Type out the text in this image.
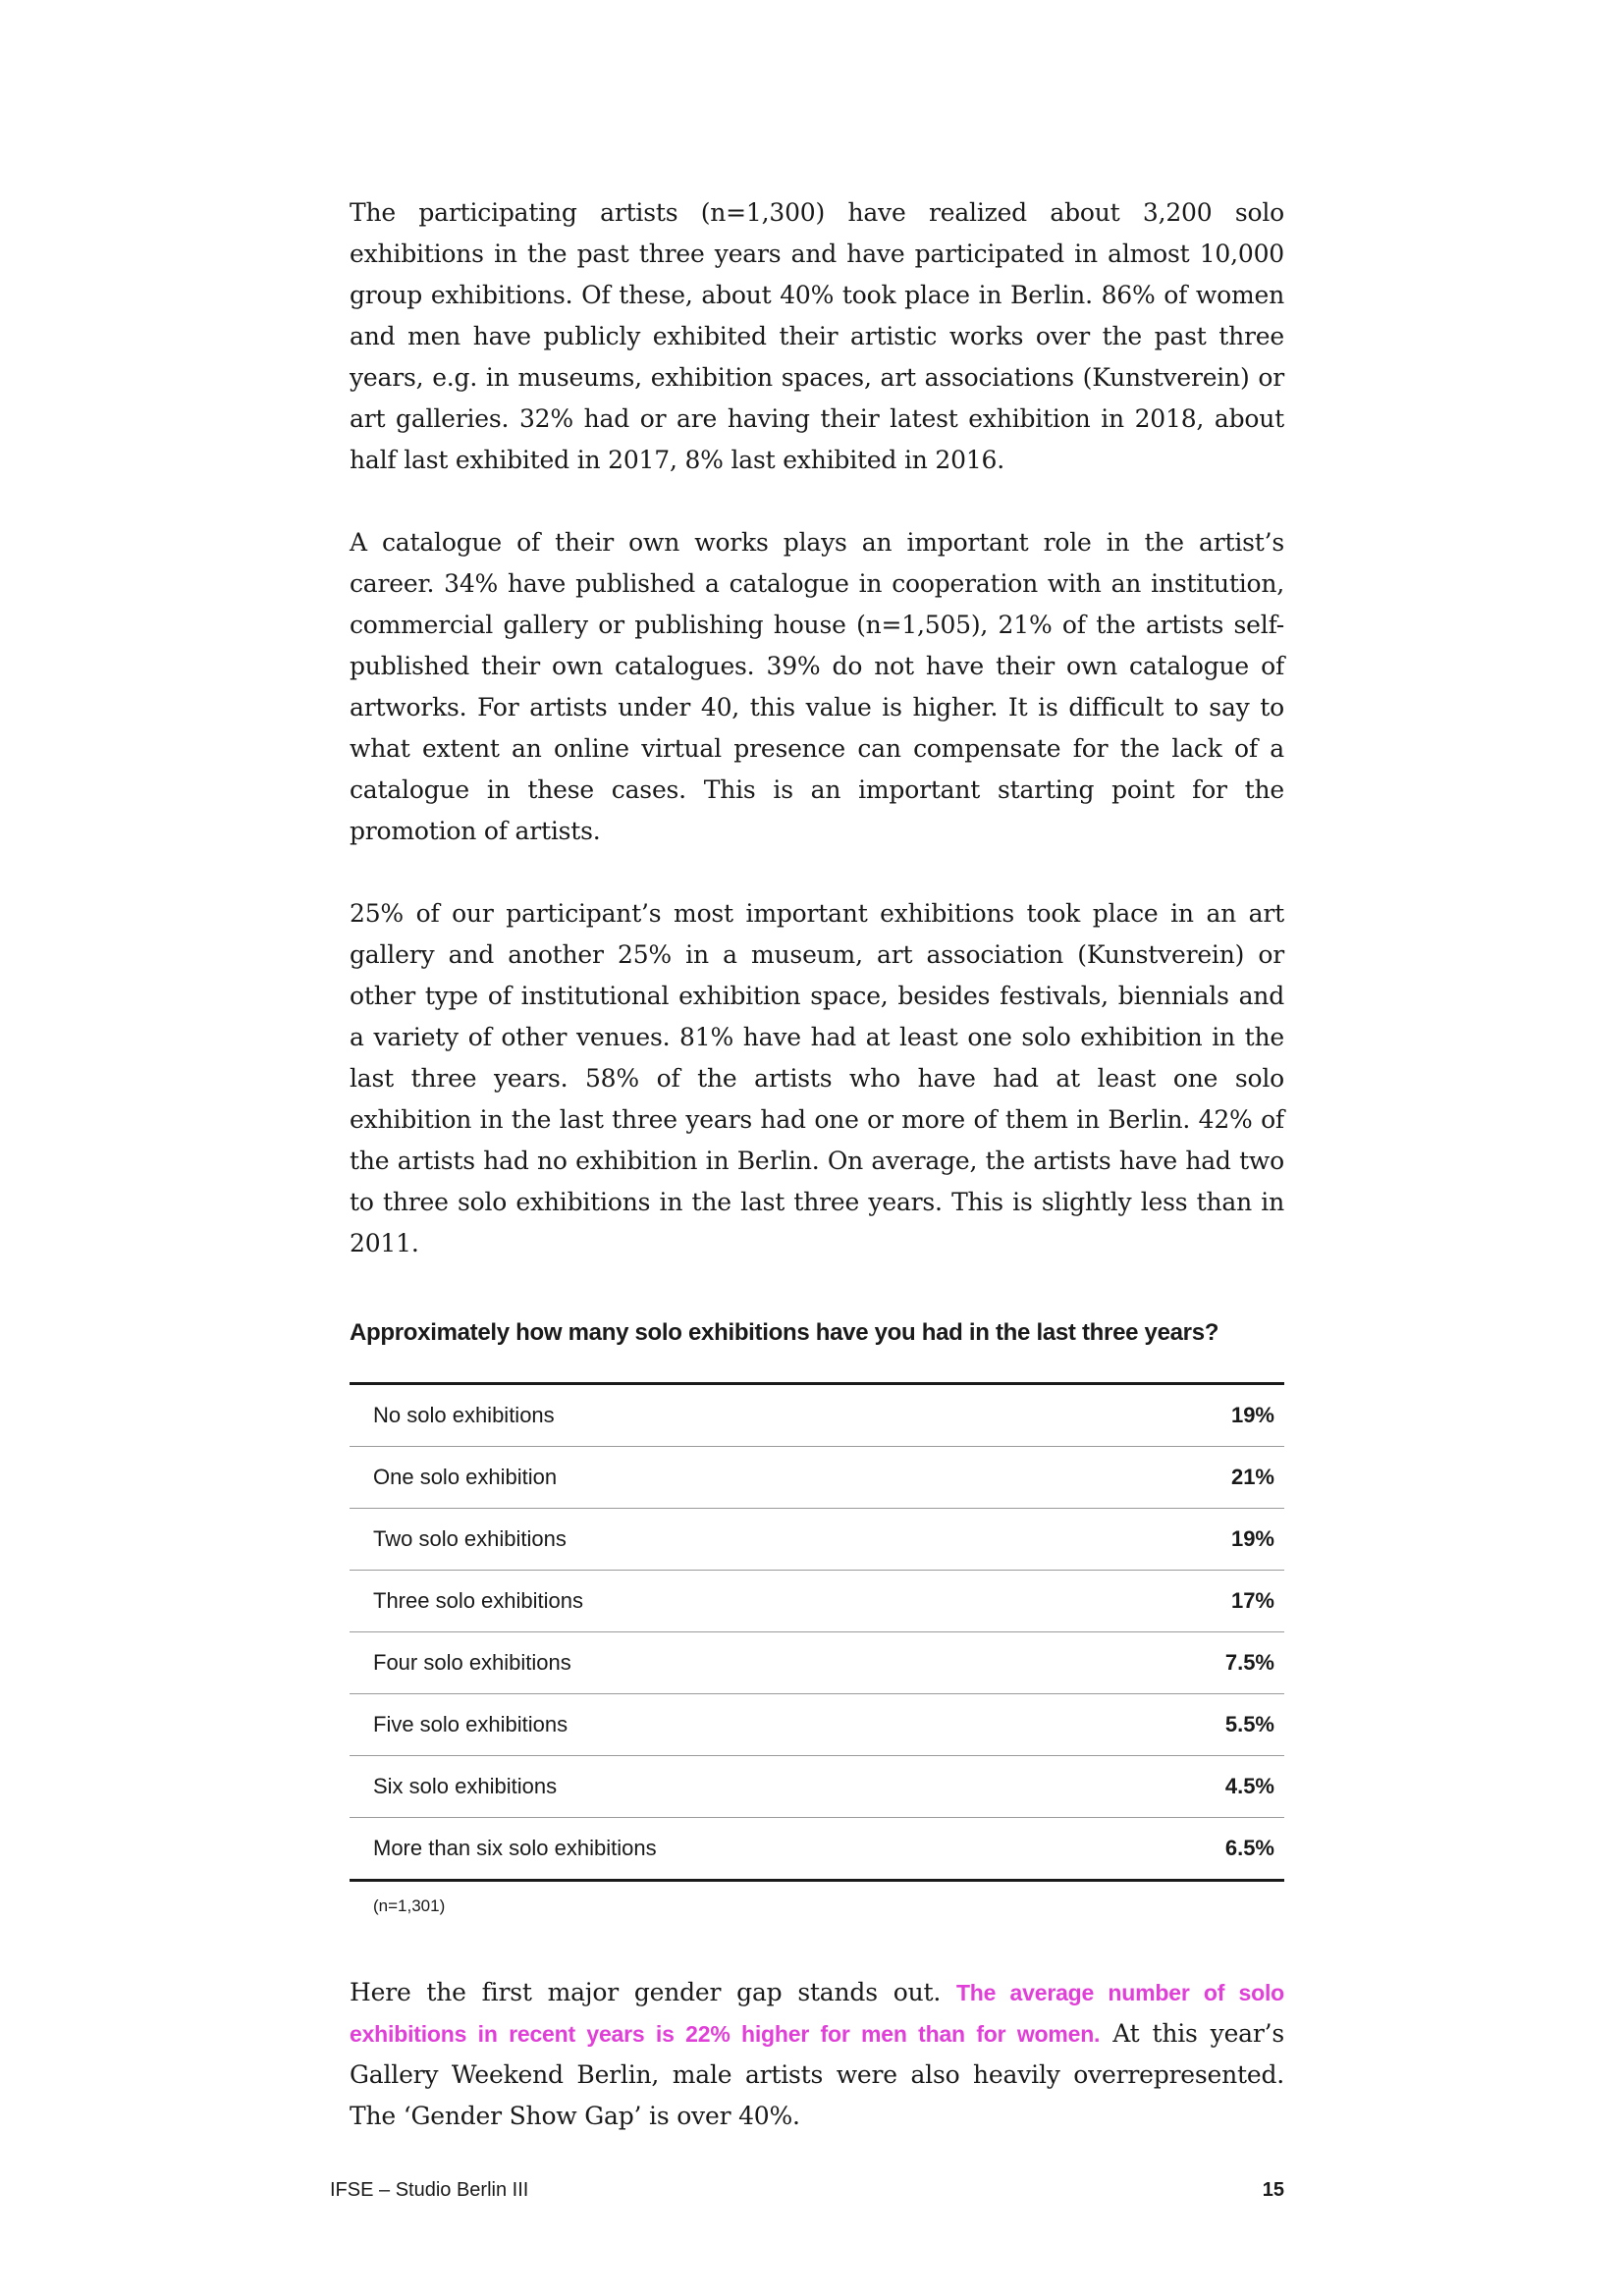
The participating artists (n=1,300) have realized about 3,200 solo exhibitions in the past three years and have participated in almost 10,000 group exhibitions. Of these, about 40% took place in Berlin. 86% of women and men have publicly exhibited their artistic works over the past three years, e.g. in museums, exhibition spaces, art associations (Kunstverein) or art galleries. 32% had or are having their latest exhibition in 2018, about half last exhibited in 2017, 8% last exhibited in 2016.

A catalogue of their own works plays an important role in the artist’s career. 34% have published a catalogue in cooperation with an institution, commercial gallery or publishing house (n=1,505), 21% of the artists self-published their own catalogues. 39% do not have their own catalogue of artworks. For artists under 40, this value is higher. It is difficult to say to what extent an online virtual presence can compensate for the lack of a catalogue in these cases. This is an important starting point for the promotion of artists.

25% of our participant’s most important exhibitions took place in an art gallery and another 25% in a museum, art association (Kunstverein) or other type of institutional exhibition space, besides festivals, biennials and a variety of other venues. 81% have had at least one solo exhibition in the last three years. 58% of the artists who have had at least one solo exhibition in the last three years had one or more of them in Berlin. 42% of the artists had no exhibition in Berlin. On average, the artists have had two to three solo exhibitions in the last three years. This is slightly less than in 2011.

Approximately how many solo exhibitions have you had in the last three years?
No solo exhibitions	19%
One solo exhibition	21%
Two solo exhibitions	19%
Three solo exhibitions	17%
Four solo exhibitions	7.5%
Five solo exhibitions	5.5%
Six solo exhibitions	4.5%
More than six solo exhibitions	6.5%
(n=1,301)

Here the first major gender gap stands out. The average number of solo exhibitions in recent years is 22% higher for men than for women. At this year’s Gallery Weekend Berlin, male artists were also heavily overrepresented. The ‘Gender Show Gap’ is over 40%.

IFSE – Studio Berlin III	15
